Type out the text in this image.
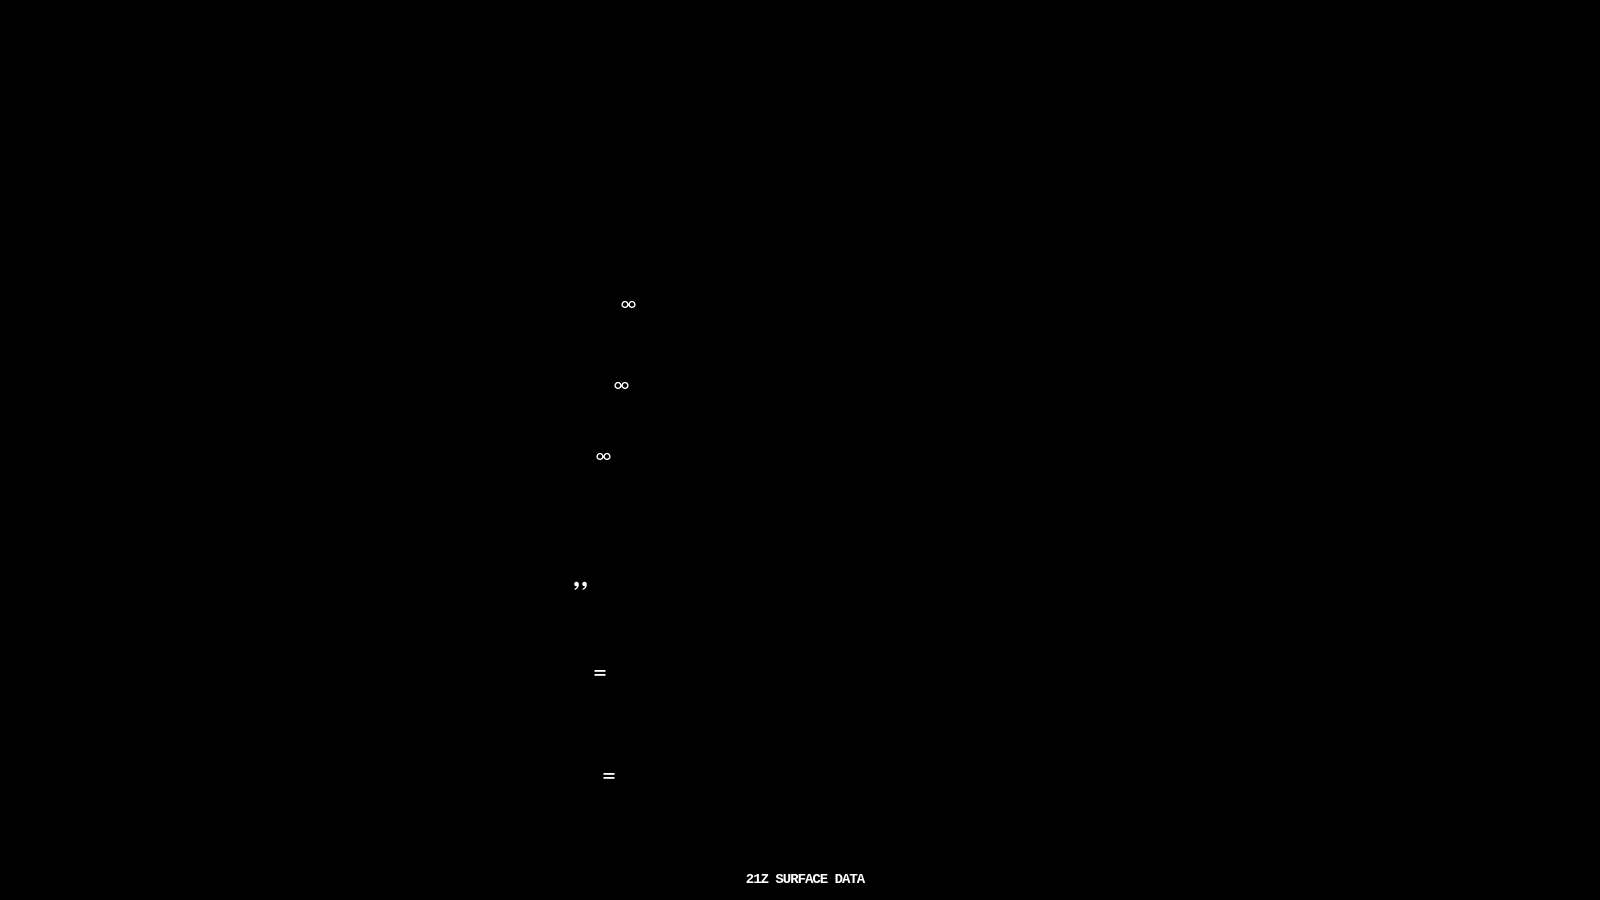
21Z SURFACE DATA
